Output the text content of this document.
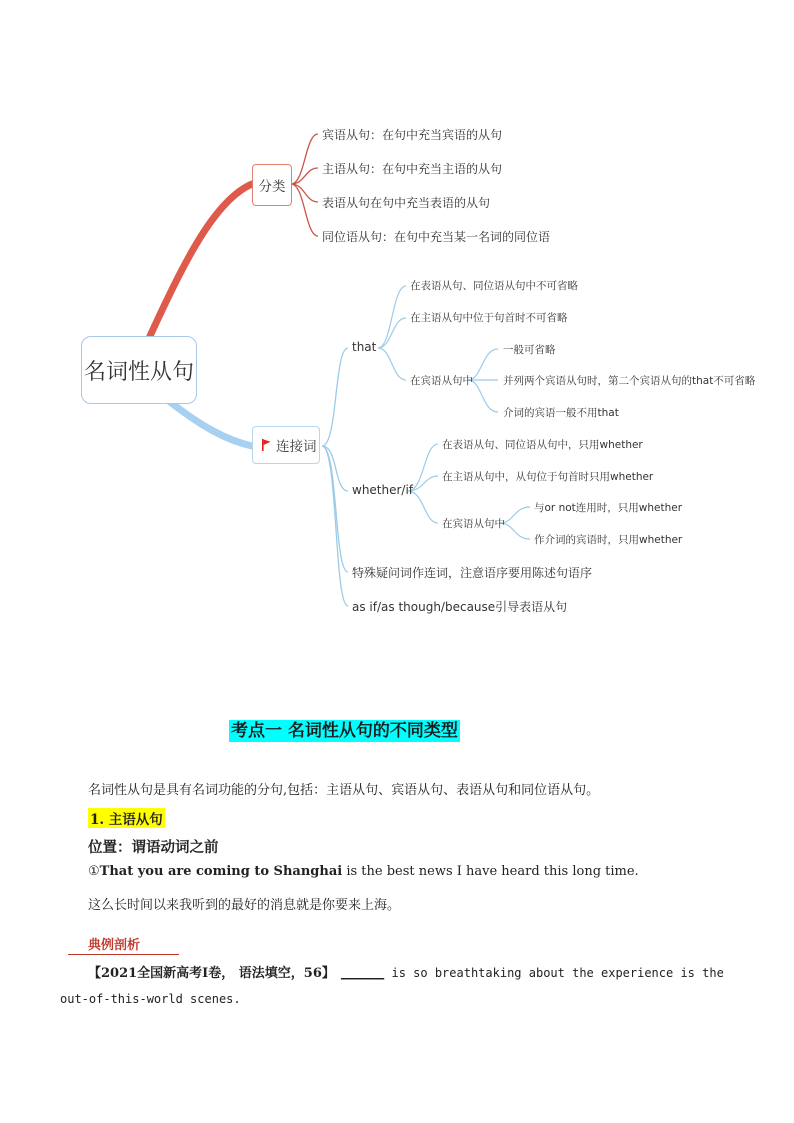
名词性从句
分类
宾语从句：在句中充当宾语的从句
主语从句：在句中充当主语的从句
表语从句在句中充当表语的从句
同位语从句：在句中充当某一名词的同位语
连接词
that
在表语从句、同位语从句中不可省略
在主语从句中位于句首时不可省略
在宾语从句中
一般可省略
并列两个宾语从句时，第二个宾语从句的that不可省略
介词的宾语一般不用that
whether/if
在表语从句、同位语从句中，只用whether
在主语从句中，从句位于句首时只用whether
在宾语从句中
与or not连用时，只用whether
作介词的宾语时，只用whether
特殊疑问词作连词，注意语序要用陈述句语序
as if/as though/because引导表语从句
考点一 名词性从句的不同类型
名词性从句是具有名词功能的分句,包括：主语从句、宾语从句、表语从句和同位语从句。
1. 主语从句
位置：谓语动词之前
①That you are coming to Shanghai is the best news I have heard this long time.
这么长时间以来我听到的最好的消息就是你要来上海。
典例剖析
【2021全国新高考Ⅰ卷， 语法填空，56】 ______ is so breathtaking about the experience is the
out-of-this-world scenes.
